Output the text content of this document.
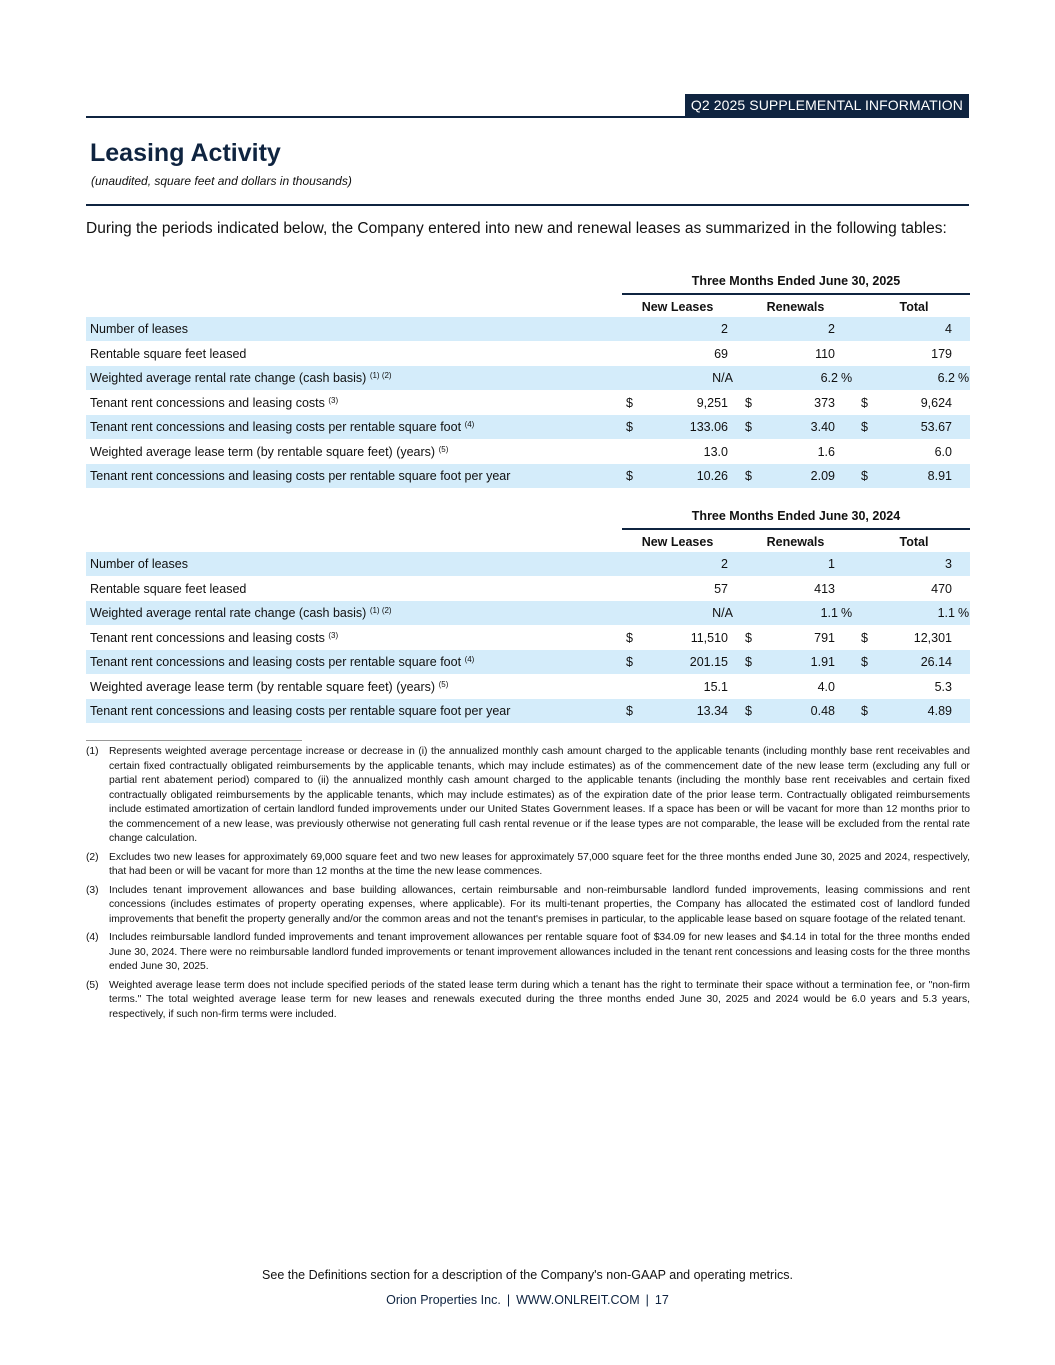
Q2 2025 SUPPLEMENTAL INFORMATION
Leasing Activity
(unaudited, square feet and dollars in thousands)
During the periods indicated below, the Company entered into new and renewal leases as summarized in the following tables:
Three Months Ended June 30, 2025
New Leases	Renewals	Total
Number of leases	2	2	4
Rentable square feet leased	69	110	179
Weighted average rental rate change (cash basis) $^{(1) (2)}$	N/A	6.2 %	6.2 %
Tenant rent concessions and leasing costs $^{(3)}$	$	9,251 $	373 $	9,624
Tenant rent concessions and leasing costs per rentable square foot $^{(4)}$	$	133.06 $	3.40 $	53.67
Weighted average lease term (by rentable square feet) (years) $^{(5)}$	13.0	1.6	6.0
Tenant rent concessions and leasing costs per rentable square foot per year	$	10.26 $	2.09 $	8.91
Three Months Ended June 30, 2024
New Leases	Renewals	Total
Number of leases	2	1	3
Rentable square feet leased	57	413	470
Weighted average rental rate change (cash basis) $^{(1) (2)}$	N/A	1.1 %	1.1 %
Tenant rent concessions and leasing costs $^{(3)}$	$	11,510 $	791 $	12,301
Tenant rent concessions and leasing costs per rentable square foot $^{(4)}$	$	201.15 $	1.91 $	26.14
Weighted average lease term (by rentable square feet) (years) $^{(5)}$	15.1	4.0	5.3
Tenant rent concessions and leasing costs per rentable square foot per year	$	13.34 $	0.48 $	4.89
(1) Represents weighted average percentage increase or decrease in (i) the annualized monthly cash amount charged to the applicable tenants (including monthly base rent receivables and certain fixed contractually obligated reimbursements by the applicable tenants, which may include estimates) as of the commencement date of the new lease term (excluding any full or partial rent abatement period) compared to (ii) the annualized monthly cash amount charged to the applicable tenants (including the monthly base rent receivables and certain fixed contractually obligated reimbursements by the applicable tenants, which may include estimates) as of the expiration date of the prior lease term. Contractually obligated reimbursements include estimated amortization of certain landlord funded improvements under our United States Government leases. If a space has been or will be vacant for more than 12 months prior to the commencement of a new lease, was previously otherwise not generating full cash rental revenue or if the lease types are not comparable, the lease will be excluded from the rental rate change calculation.
(2) Excludes two new leases for approximately 69,000 square feet and two new leases for approximately 57,000 square feet for the three months ended June 30, 2025 and 2024, respectively, that had been or will be vacant for more than 12 months at the time the new lease commences.
(3) Includes tenant improvement allowances and base building allowances, certain reimbursable and non-reimbursable landlord funded improvements, leasing commissions and rent concessions (includes estimates of property operating expenses, where applicable). For its multi-tenant properties, the Company has allocated the estimated cost of landlord funded improvements that benefit the property generally and/or the common areas and not the tenant's premises in particular, to the applicable lease based on square footage of the related tenant.
(4) Includes reimbursable landlord funded improvements and tenant improvement allowances per rentable square foot of $34.09 for new leases and $4.14 in total for the three months ended June 30, 2024. There were no reimbursable landlord funded improvements or tenant improvement allowances included in the tenant rent concessions and leasing costs for the three months ended June 30, 2025.
(5) Weighted average lease term does not include specified periods of the stated lease term during which a tenant has the right to terminate their space without a termination fee, or "non-firm terms." The total weighted average lease term for new leases and renewals executed during the three months ended June 30, 2025 and 2024 would be 6.0 years and 5.3 years, respectively, if such non-firm terms were included.
See the Definitions section for a description of the Company's non-GAAP and operating metrics.
Orion Properties Inc. | WWW.ONLREIT.COM | 17
